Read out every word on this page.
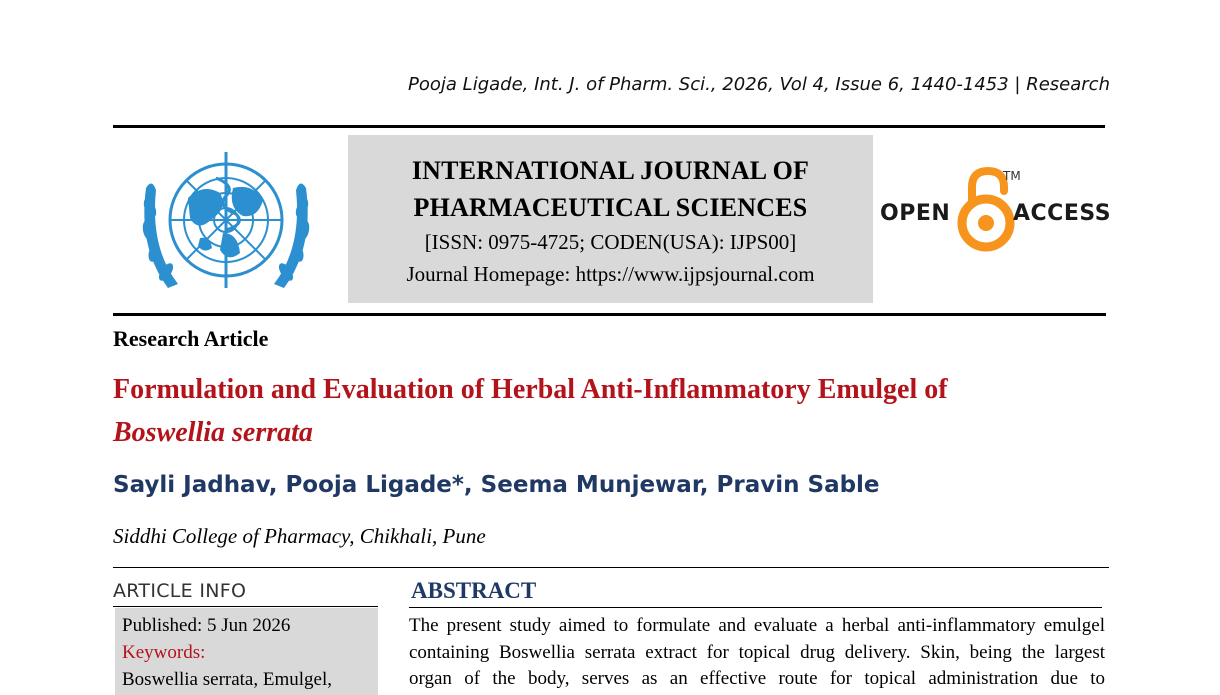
Pooja Ligade, Int. J. of Pharm. Sci., 2026, Vol 4, Issue 6, 1440-1453 | Research
INTERNATIONAL JOURNAL OF
PHARMACEUTICAL SCIENCES
[ISSN: 0975-4725; CODEN(USA): IJPS00]
Journal Homepage: https://www.ijpsjournal.com
OPEN
TM
ACCESS
Research Article
Formulation and Evaluation of Herbal Anti-Inflammatory Emulgel of
Boswellia serrata
Sayli Jadhav, Pooja Ligade*, Seema Munjewar, Pravin Sable
Siddhi College of Pharmacy, Chikhali, Pune
ARTICLE INFO
Published: 5 Jun 2026
Keywords:
Boswellia serrata, Emulgel,
ABSTRACT
The present study aimed to formulate and evaluate a herbal anti-inflammatory emulgel
containing Boswellia serrata extract for topical drug delivery. Skin, being the largest
organ of the body, serves as an effective route for topical administration due to
